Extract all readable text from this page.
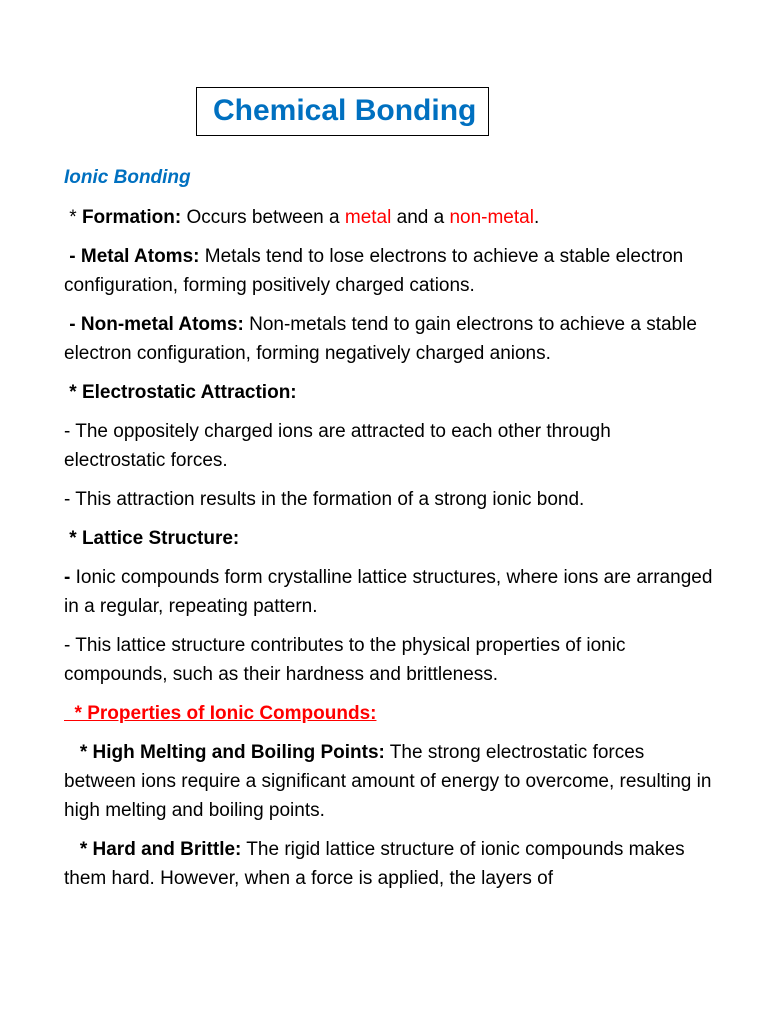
Chemical Bonding
Ionic Bonding

* Formation: Occurs between a metal and a non-metal.

- Metal Atoms: Metals tend to lose electrons to achieve a stable electron configuration, forming positively charged cations.

- Non-metal Atoms: Non-metals tend to gain electrons to achieve a stable electron configuration, forming negatively charged anions.

* Electrostatic Attraction:

- The oppositely charged ions are attracted to each other through electrostatic forces.

- This attraction results in the formation of a strong ionic bond.

* Lattice Structure:

- Ionic compounds form crystalline lattice structures, where ions are arranged in a regular, repeating pattern.

- This lattice structure contributes to the physical properties of ionic compounds, such as their hardness and brittleness.

* Properties of Ionic Compounds:

* High Melting and Boiling Points: The strong electrostatic forces between ions require a significant amount of energy to overcome, resulting in high melting and boiling points.

* Hard and Brittle: The rigid lattice structure of ionic compounds makes them hard. However, when a force is applied, the layers of
